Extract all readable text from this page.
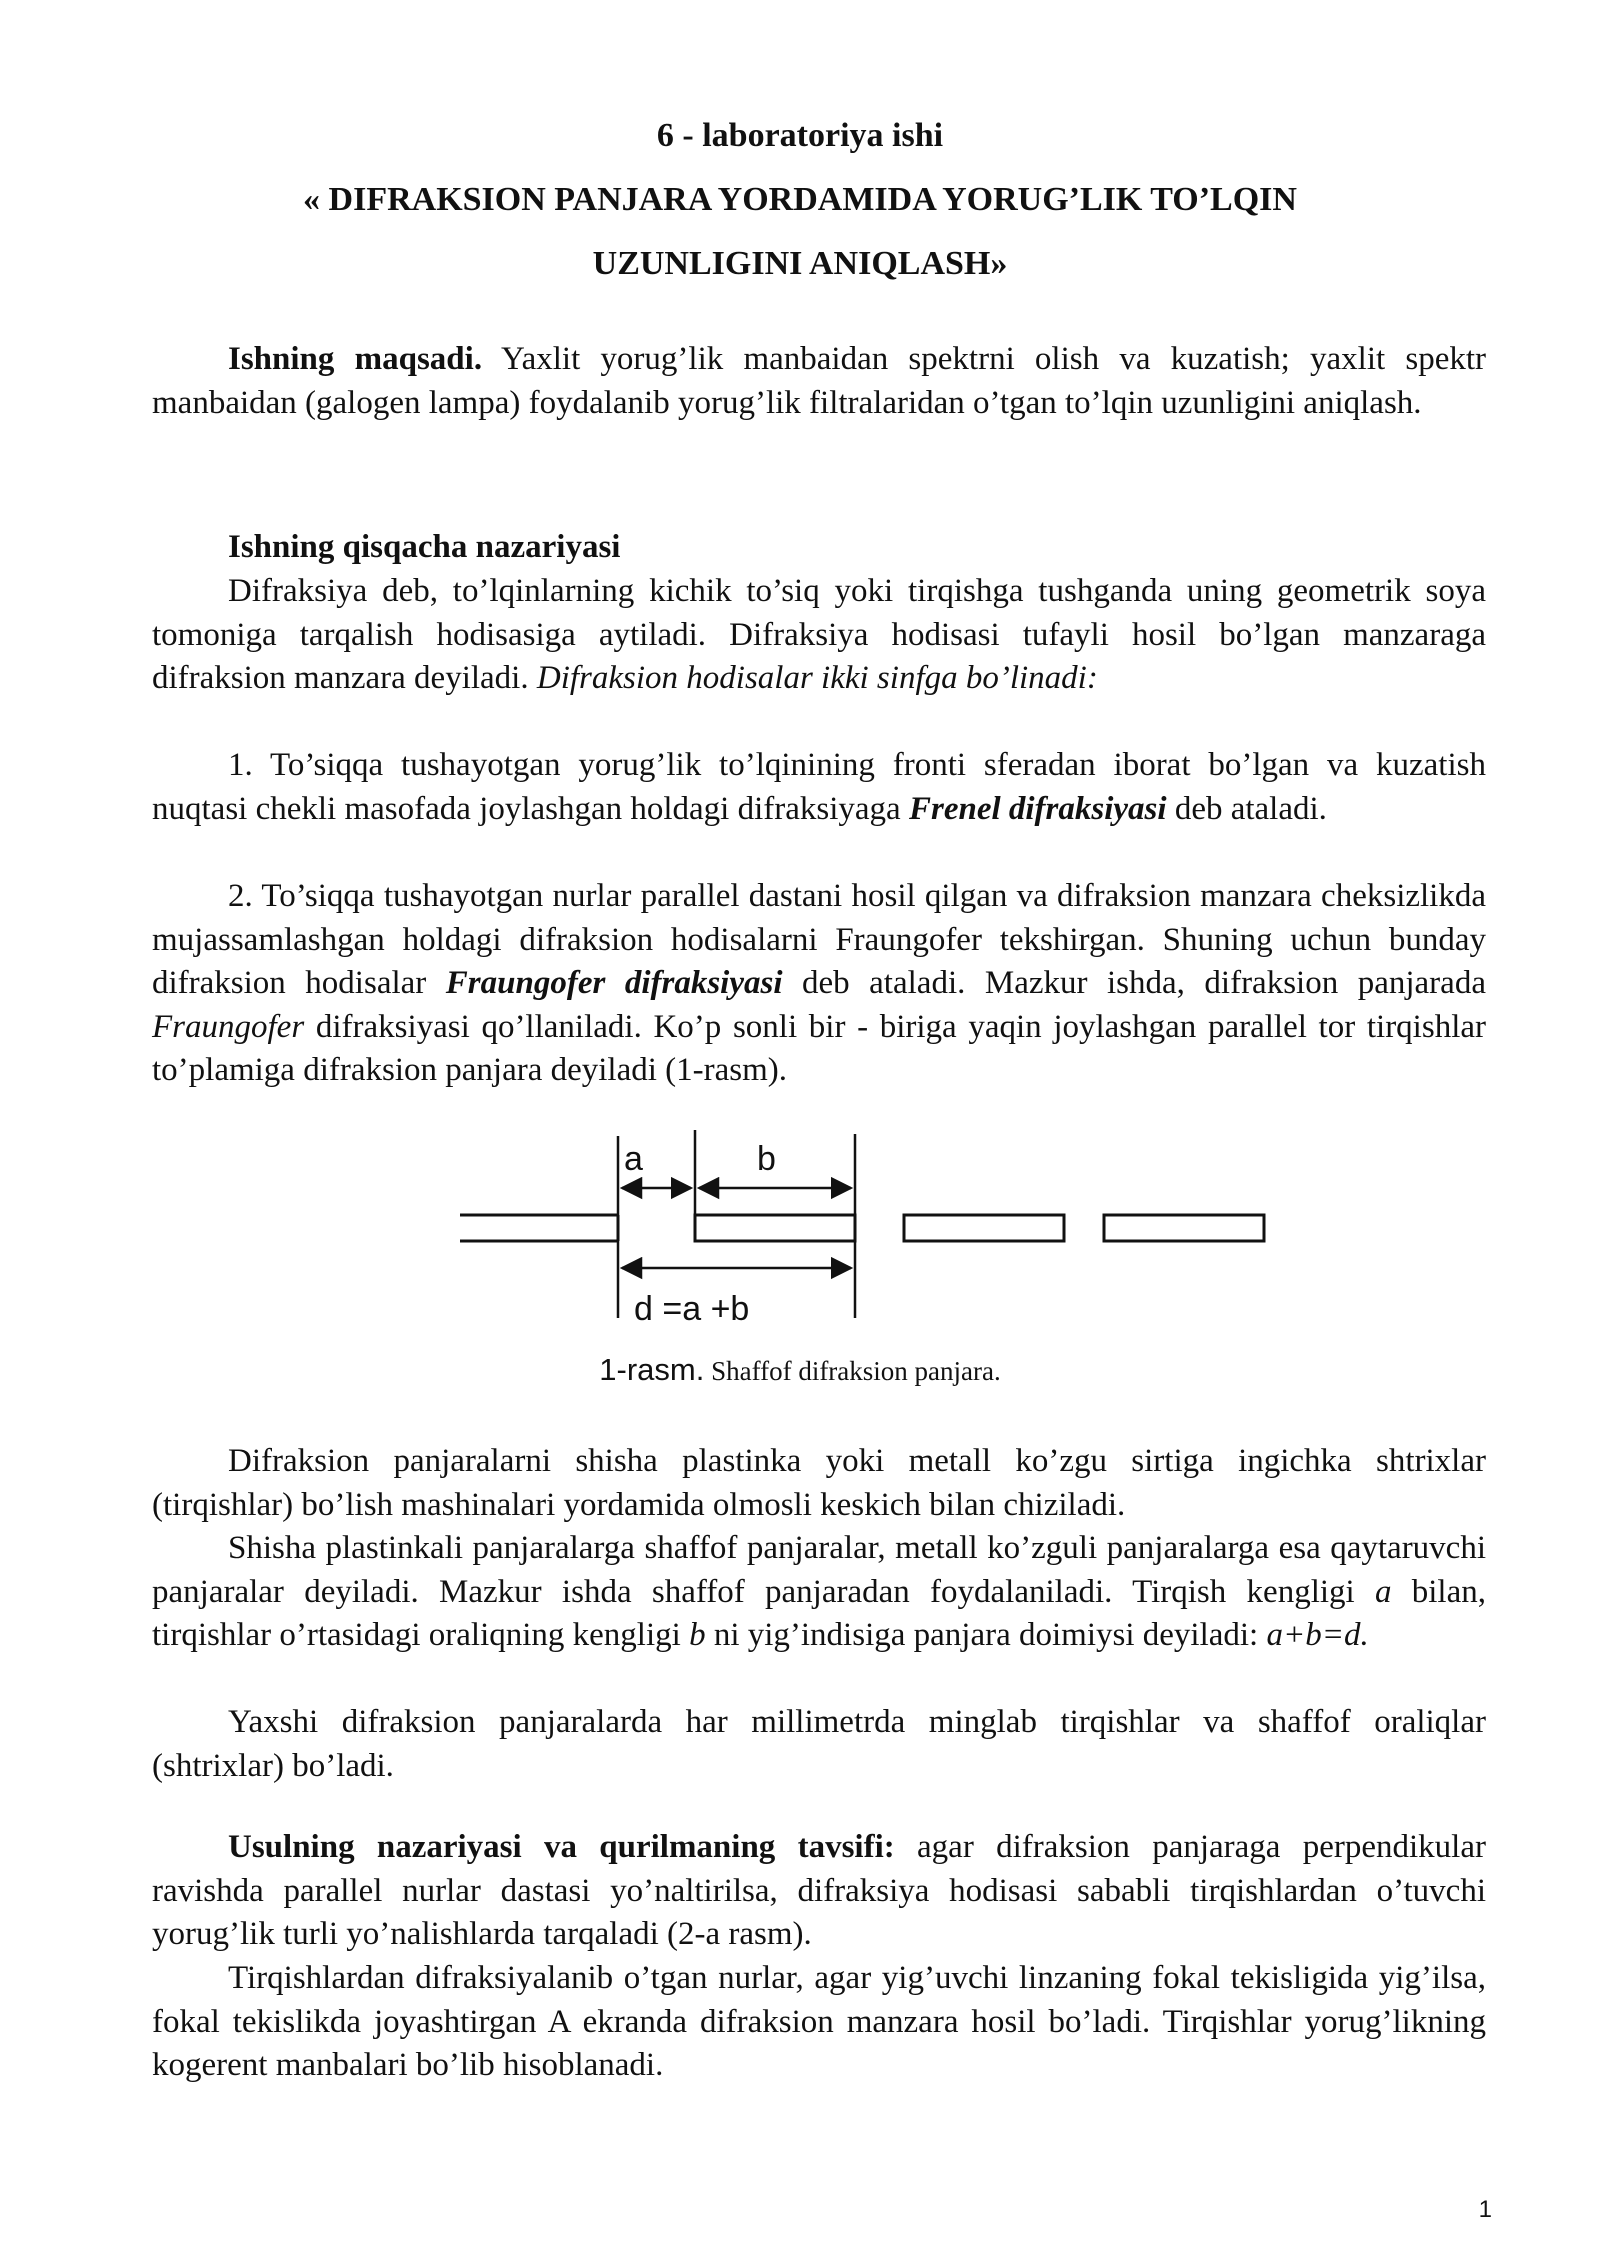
6 - laboratoriya ishi
« DIFRAKSION PANJARA YORDAMIDA YORUG’LIK TO’LQIN
UZUNLIGINI ANIQLASH»
Ishning maqsadi. Yaxlit yorug’lik manbaidan spektrni olish va kuzatish; yaxlit spektr manbaidan (galogen lampa) foydalanib yorug’lik filtralaridan o’tgan to’lqin uzunligini aniqlash.
Ishning qisqacha nazariyasi
Difraksiya deb, to’lqinlarning kichik to’siq yoki tirqishga tushganda uning geometrik soya tomoniga tarqalish hodisasiga aytiladi. Difraksiya hodisasi tufayli hosil bo’lgan manzaraga difraksion manzara deyiladi. Difraksion hodisalar ikki sinfga bo’linadi:
1. To’siqqa tushayotgan yorug’lik to’lqinining fronti sferadan iborat bo’lgan va kuzatish nuqtasi chekli masofada joylashgan holdagi difraksiyaga Frenel difraksiyasi deb ataladi.
2. To’siqqa tushayotgan nurlar parallel dastani hosil qilgan va difraksion manzara cheksizlikda mujassamlashgan holdagi difraksion hodisalarni Fraungofer tekshirgan. Shuning uchun bunday difraksion hodisalar Fraungofer difraksiyasi deb ataladi. Mazkur ishda, difraksion panjarada Fraungofer difraksiyasi qo’llaniladi. Ko’p sonli bir - biriga yaqin joylashgan parallel tor tirqishlar to’plamiga difraksion panjara deyiladi (1-rasm).
a	b
d =a +b
1-rasm. Shaffof difraksion panjara.
Difraksion panjaralarni shisha plastinka yoki metall ko’zgu sirtiga ingichka shtrixlar (tirqishlar) bo’lish mashinalari yordamida olmosli keskich bilan chiziladi.
Shisha plastinkali panjaralarga shaffof panjaralar, metall ko’zguli panjaralarga esa qaytaruvchi panjaralar deyiladi. Mazkur ishda shaffof panjaradan foydalaniladi. Tirqish kengligi a bilan, tirqishlar o’rtasidagi oraliqning kengligi b ni yig’indisiga panjara doimiysi deyiladi: a+b=d.
Yaxshi difraksion panjaralarda har millimetrda minglab tirqishlar va shaffof oraliqlar (shtrixlar) bo’ladi.
Usulning nazariyasi va qurilmaning tavsifi: agar difraksion panjaraga perpendikular ravishda parallel nurlar dastasi yo’naltirilsa, difraksiya hodisasi sababli tirqishlardan o’tuvchi yorug’lik turli yo’nalishlarda tarqaladi (2-a rasm).
Tirqishlardan difraksiyalanib o’tgan nurlar, agar yig’uvchi linzaning fokal tekisligida yig’ilsa, fokal tekislikda joyashtirgan A ekranda difraksion manzara hosil bo’ladi. Tirqishlar yorug’likning kogerent manbalari bo’lib hisoblanadi.
1
